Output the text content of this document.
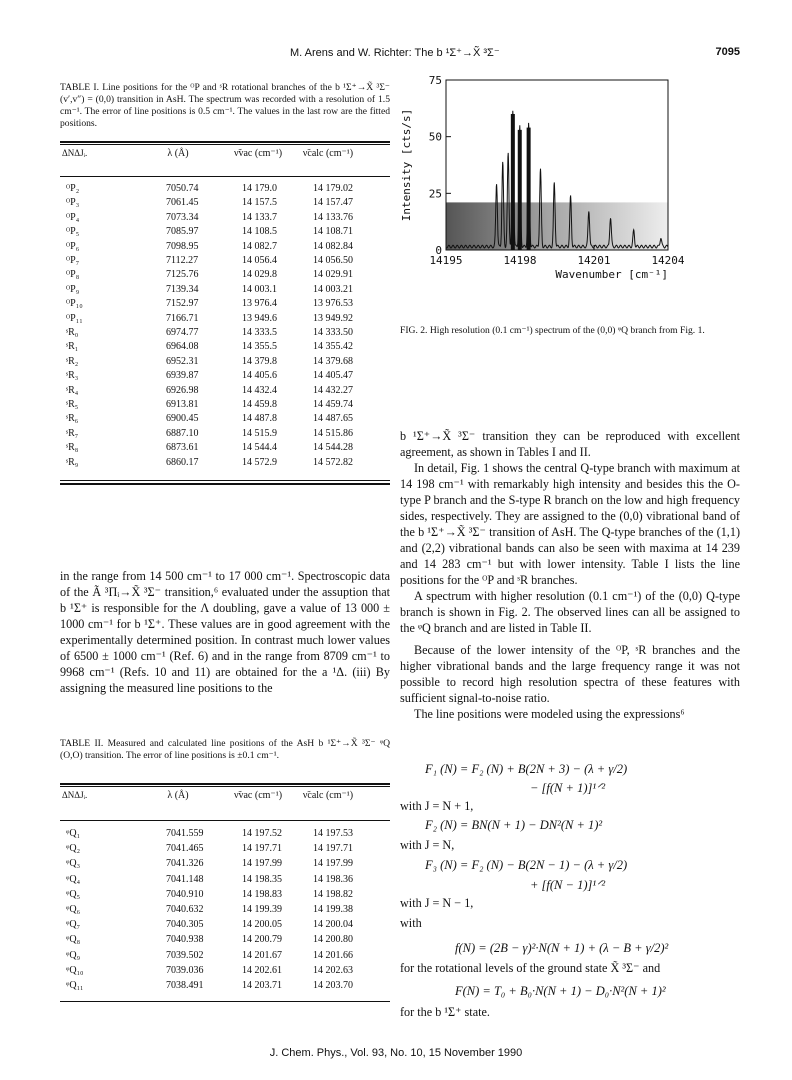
M. Arens and W. Richter: The b ¹Σ⁺→X̃ ³Σ⁻	7095
TABLE I. Line positions for the ᴼP and ˢR rotational branches of the b ¹Σ⁺→X̃ ³Σ⁻ (v′,v″) = (0,0) transition in AsH. The spectrum was recorded with a resolution of 1.5 cm⁻¹. The error of line positions is 0.5 cm⁻¹. The values in the last row are the fitted positions.
ΔNΔJᵢ.	λ (Å)	ν̃vac (cm⁻¹)	ν̃calc (cm⁻¹)
ᴼP₂	7050.74	14 179.0	14 179.02
ᴼP₃	7061.45	14 157.5	14 157.47
ᴼP₄	7073.34	14 133.7	14 133.76
ᴼP₅	7085.97	14 108.5	14 108.71
ᴼP₆	7098.95	14 082.7	14 082.84
ᴼP₇	7112.27	14 056.4	14 056.50
ᴼP₈	7125.76	14 029.8	14 029.91
ᴼP₉	7139.34	14 003.1	14 003.21
ᴼP₁₀	7152.97	13 976.4	13 976.53
ᴼP₁₁	7166.71	13 949.6	13 949.92
ˢR₀	6974.77	14 333.5	14 333.50
ˢR₁	6964.08	14 355.5	14 355.42
ˢR₂	6952.31	14 379.8	14 379.68
ˢR₃	6939.87	14 405.6	14 405.47
ˢR₄	6926.98	14 432.4	14 432.27
ˢR₅	6913.81	14 459.8	14 459.74
ˢR₆	6900.45	14 487.8	14 487.65
ˢR₇	6887.10	14 515.9	14 515.86
ˢR₈	6873.61	14 544.4	14 544.28
ˢR₉	6860.17	14 572.9	14 572.82

in the range from 14 500 cm⁻¹ to 17 000 cm⁻¹. Spectroscopic data of the Ã ³Πᵢ→X̃ ³Σ⁻ transition,⁶ evaluated under the assuption that b ¹Σ⁺ is responsible for the Λ doubling, gave a value of 13 000 ± 1000 cm⁻¹ for b ¹Σ⁺. These values are in good agreement with the experimentally determined position. In contrast much lower values of 6500 ± 1000 cm⁻¹ (Ref. 6) and in the range from 8709 cm⁻¹ to 9968 cm⁻¹ (Refs. 10 and 11) are obtained for the a ¹Δ. (iii) By assigning the measured line positions to the

TABLE II. Measured and calculated line positions of the AsH b ¹Σ⁺→X̃ ³Σ⁻ ᵠQ (O,O) transition. The error of line positions is ±0.1 cm⁻¹.
ΔNΔJᵢ.	λ (Å)	ν̃vac (cm⁻¹)	ν̃calc (cm⁻¹)
ᵠQ₁	7041.559	14 197.52	14 197.53
ᵠQ₂	7041.465	14 197.71	14 197.71
ᵠQ₃	7041.326	14 197.99	14 197.99
ᵠQ₄	7041.148	14 198.35	14 198.36
ᵠQ₅	7040.910	14 198.83	14 198.82
ᵠQ₆	7040.632	14 199.39	14 199.38
ᵠQ₇	7040.305	14 200.05	14 200.04
ᵠQ₈	7040.938	14 200.79	14 200.80
ᵠQ₉	7039.502	14 201.67	14 201.66
ᵠQ₁₀	7039.036	14 202.61	14 202.63
ᵠQ₁₁	7038.491	14 203.71	14 203.70
0
25
50
75
14195	14198	14201	14204
Intensity [cts/s]
Wavenumber [cm⁻¹]
FIG. 2. High resolution (0.1 cm⁻¹) spectrum of the (0,0) ᵠQ branch from Fig. 1.

b ¹Σ⁺→X̃ ³Σ⁻ transition they can be reproduced with excellent agreement, as shown in Tables I and II.

In detail, Fig. 1 shows the central Q-type branch with maximum at 14 198 cm⁻¹ with remarkably high intensity and besides this the O-type P branch and the S-type R branch on the low and high frequency sides, respectively. They are assigned to the (0,0) vibrational band of the b ¹Σ⁺→X̃ ³Σ⁻ transition of AsH. The Q-type branches of the (1,1) and (2,2) vibrational bands can also be seen with maxima at 14 239 and 14 283 cm⁻¹ but with lower intensity. Table I lists the line positions for the ᴼP and ˢR branches.

A spectrum with higher resolution (0.1 cm⁻¹) of the (0,0) Q-type branch is shown in Fig. 2. The observed lines can all be assigned to the ᵠQ branch and are listed in Table II.

Because of the lower intensity of the ᴼP, ˢR branches and the higher vibrational bands and the large frequency range it was not possible to record high resolution spectra of these features with sufficient signal-to-noise ratio.

The line positions were modeled using the expressions⁶

F₁ (N) = F₂ (N) + B(2N + 3) − (λ + γ/2)
− [f(N + 1)]¹ᐟ²
with J = N + 1,
F₂ (N) = BN(N + 1) − DN²(N + 1)²
with J = N,
F₃ (N) = F₂ (N) − B(2N − 1) − (λ + γ/2)
+ [f(N − 1)]¹ᐟ²
with J = N − 1,
with
f(N) = (2B − γ)²·N(N + 1) + (λ − B + γ/2)²
for the rotational levels of the ground state X̃ ³Σ⁻ and
F(N) = T₀ + B₀·N(N + 1) − D₀·N²(N + 1)²
for the b ¹Σ⁺ state.
J. Chem. Phys., Vol. 93, No. 10, 15 November 1990
